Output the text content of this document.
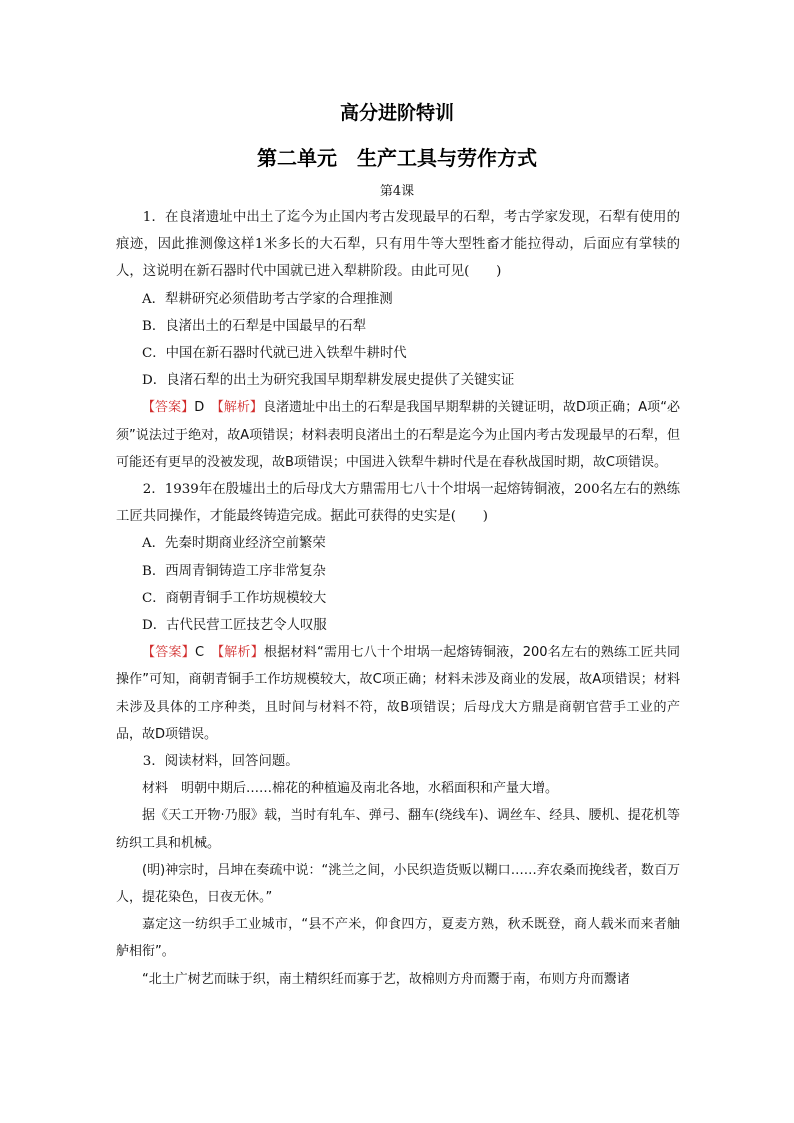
高分进阶特训
第二单元　生产工具与劳作方式
第4课

1．在良渚遗址中出土了迄今为止国内考古发现最早的石犁，考古学家发现，石犁有使用的痕迹，因此推测像这样1米多长的大石犁，只有用牛等大型牲畜才能拉得动，后面应有掌犊的人，这说明在新石器时代中国就已进入犁耕阶段。由此可见(　　)

A．犁耕研究必须借助考古学家的合理推测

B．良渚出土的石犁是中国最早的石犁

C．中国在新石器时代就已进入铁犁牛耕时代

D．良渚石犁的出土为研究我国早期犁耕发展史提供了关键实证

【答案】D　 【解析】良渚遗址中出土的石犁是我国早期犁耕的关键证明，故D项正确；A项“必须”说法过于绝对，故A项错误；材料表明良渚出土的石犁是迄今为止国内考古发现最早的石犁，但可能还有更早的没被发现，故B项错误；中国进入铁犁牛耕时代是在春秋战国时期，故C项错误。

2．1939年在殷墟出土的后母戊大方鼎需用七八十个坩埚一起熔铸铜液，200名左右的熟练工匠共同操作，才能最终铸造完成。据此可获得的史实是(　　)

A．先秦时期商业经济空前繁荣

B．西周青铜铸造工序非常复杂

C．商朝青铜手工作坊规模较大

D．古代民营工匠技艺令人叹服

【答案】C　 【解析】根据材料“需用七八十个坩埚一起熔铸铜液，200名左右的熟练工匠共同操作”可知，商朝青铜手工作坊规模较大，故C项正确；材料未涉及商业的发展，故A项错误；材料未涉及具体的工序种类，且时间与材料不符，故B项错误；后母戊大方鼎是商朝官营手工业的产品，故D项错误。

3．阅读材料，回答问题。

材料　 明朝中期后……棉花的种植遍及南北各地，水稻面积和产量大增。

据《天工开物·乃服》载，当时有轧车、弹弓、翻车(绕线车)、调丝车、经具、腰机、提花机等纺织工具和机械。

(明)神宗时，吕坤在奏疏中说：“洮兰之间，小民织造货贩以糊口……弃农桑而挽线者，数百万人，提花染色，日夜无休。”

嘉定这一纺织手工业城市，“县不产米，仰食四方，夏麦方熟，秋禾既登，商人载米而来者舳舻相衔”。

“北土广树艺而昧于织，南土精织纴而寡于艺，故棉则方舟而鬻于南，布则方舟而鬻诸
